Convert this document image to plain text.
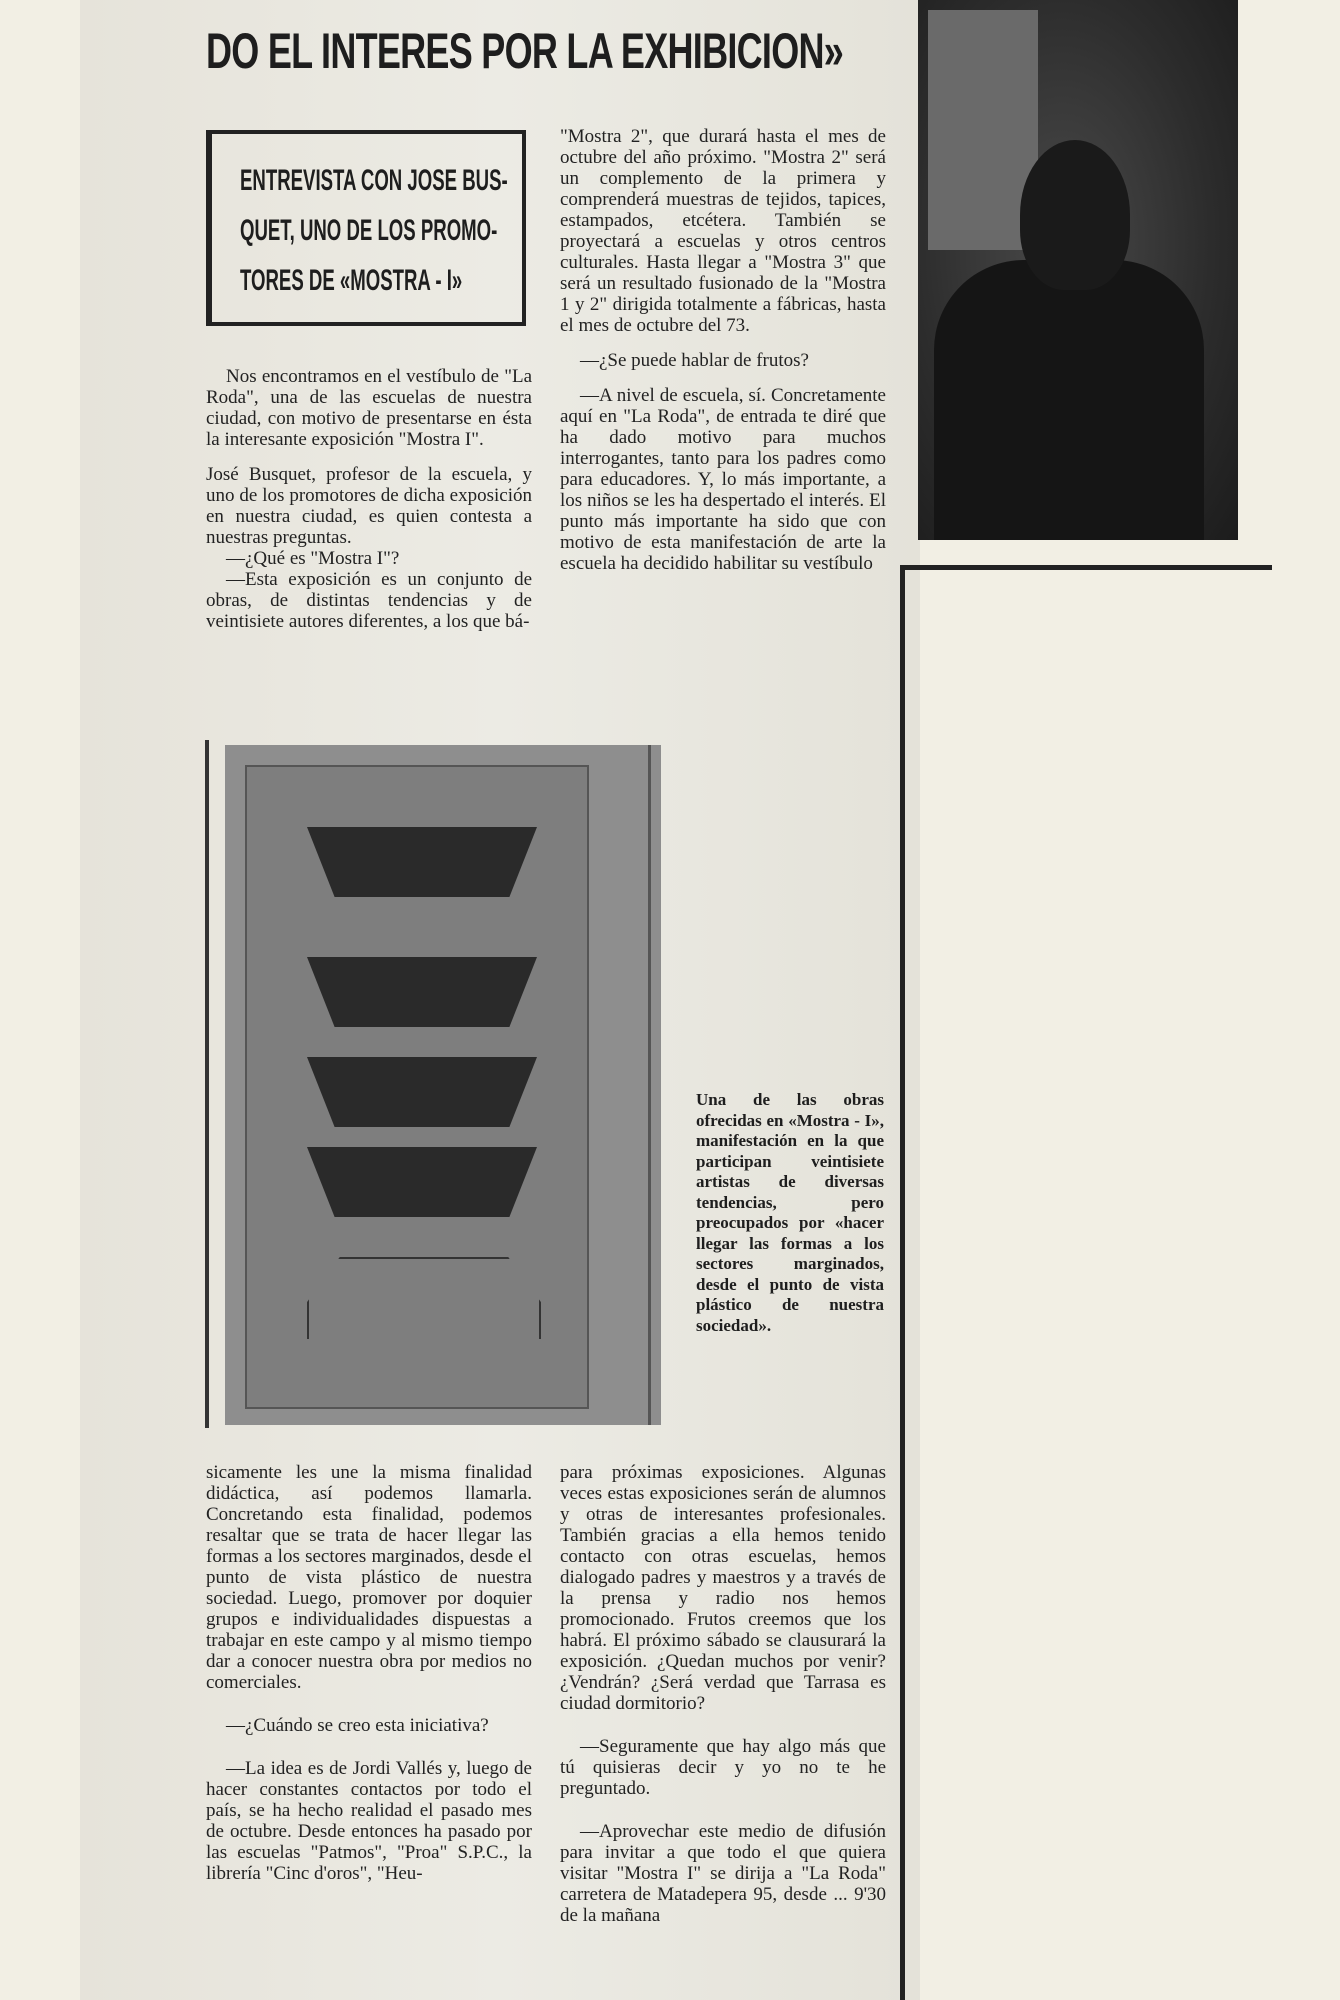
DO EL INTERES POR LA EXHIBICION»
ENTREVISTA CON JOSE BUS-
QUET, UNO DE LOS PROMO-
TORES DE «MOSTRA - I»

Nos encontramos en el vestíbulo de "La Roda", una de las escuelas de nuestra ciudad, con motivo de presentarse en ésta la interesante exposición "Mostra I".

José Busquet, profesor de la escuela, y uno de los promotores de dicha exposición en nuestra ciudad, es quien contesta a nuestras preguntas.

—¿Qué es "Mostra I"?

—Esta exposición es un conjunto de obras, de distintas tendencias y de veintisiete autores diferentes, a los que bá-

"Mostra 2", que durará hasta el mes de octubre del año próximo. "Mostra 2" será un complemento de la primera y comprenderá muestras de tejidos, tapices, estampados, etcétera. También se proyectará a escuelas y otros centros culturales. Hasta llegar a "Mostra 3" que será un resultado fusionado de la "Mostra 1 y 2" dirigida totalmente a fábricas, hasta el mes de octubre del 73.

—¿Se puede hablar de frutos?

—A nivel de escuela, sí. Concretamente aquí en "La Roda", de entrada te diré que ha dado motivo para muchos interrogantes, tanto para los padres como para educadores. Y, lo más importante, a los niños se les ha despertado el interés. El punto más importante ha sido que con motivo de esta manifestación de arte la escuela ha decidido habilitar su vestíbulo

Una de las obras ofrecidas en «Mostra - I», manifestación en la que participan veintisiete artistas de diversas tendencias, pero preocupados por «hacer llegar las formas a los sectores marginados, desde el punto de vista plástico de nuestra sociedad».

sicamente les une la misma finalidad didáctica, así podemos llamarla. Concretando esta finalidad, podemos resaltar que se trata de hacer llegar las formas a los sectores marginados, desde el punto de vista plástico de nuestra sociedad. Luego, promover por doquier grupos e individualidades dispuestas a trabajar en este campo y al mismo tiempo dar a conocer nuestra obra por medios no comerciales.

—¿Cuándo se creo esta iniciativa?

—La idea es de Jordi Vallés y, luego de hacer constantes contactos por todo el país, se ha hecho realidad el pasado mes de octubre. Desde entonces ha pasado por las escuelas "Patmos", "Proa" S.P.C., la librería "Cinc d'oros", "Heu-

para próximas exposiciones. Algunas veces estas exposiciones serán de alumnos y otras de interesantes profesionales. También gracias a ella hemos tenido contacto con otras escuelas, hemos dialogado padres y maestros y a través de la prensa y radio nos hemos promocionado. Frutos creemos que los habrá. El próximo sábado se clausurará la exposición. ¿Quedan muchos por venir? ¿Vendrán? ¿Será verdad que Tarrasa es ciudad dormitorio?

—Seguramente que hay algo más que tú quisieras decir y yo no te he preguntado.

—Aprovechar este medio de difusión para invitar a que todo el que quiera visitar "Mostra I" se dirija a "La Roda" carretera de Matadepera 95, desde ... 9'30 de la mañana
